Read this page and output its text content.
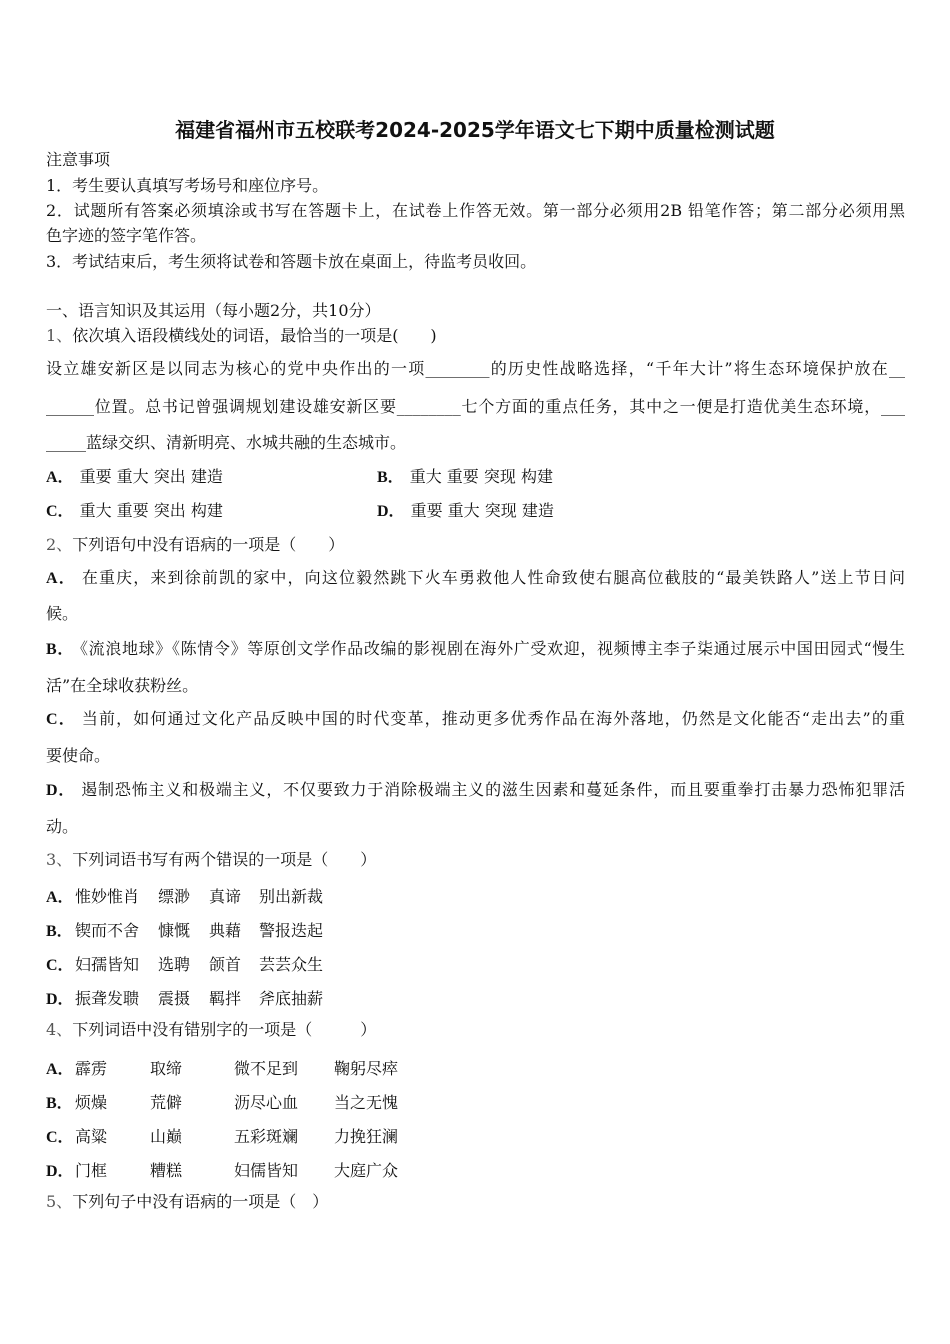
福建省福州市五校联考2024-2025学年语文七下期中质量检测试题
注意事项
1．考生要认真填写考场号和座位序号。
2．试题所有答案必须填涂或书写在答题卡上，在试卷上作答无效。第一部分必须用2B 铅笔作答；第二部分必须用黑
色字迹的签字笔作答。
3．考试结束后，考生须将试卷和答题卡放在桌面上，待监考员收回。
一、语言知识及其运用（每小题2分，共10分）
1、依次填入语段横线处的词语，最恰当的一项是(　　)
设立雄安新区是以同志为核心的党中央作出的一项________的历史性战略选择，“千年大计”将生态环境保护放在__
______位置。总书记曾强调规划建设雄安新区要________七个方面的重点任务，其中之一便是打造优美生态环境，___
_____蓝绿交织、清新明亮、水城共融的生态城市。
A． 重要 重大 突出 建造	B． 重大 重要 突现 构建
C． 重大 重要 突出 构建	D． 重要 重大 突现 建造
2、下列语句中没有语病的一项是（　　）
A． 在重庆，来到徐前凯的家中，向这位毅然跳下火车勇救他人性命致使右腿高位截肢的“最美铁路人”送上节日问
候。
B． 《流浪地球》《陈情令》等原创文学作品改编的影视剧在海外广受欢迎，视频博主李子柒通过展示中国田园式“慢生
活”在全球收获粉丝。
C． 当前，如何通过文化产品反映中国的时代变革，推动更多优秀作品在海外落地，仍然是文化能否“走出去”的重
要使命。
D． 遏制恐怖主义和极端主义，不仅要致力于消除极端主义的滋生因素和蔓延条件，而且要重拳打击暴力恐怖犯罪活
动。
3、下列词语书写有两个错误的一项是（　　）
A． 惟妙惟肖 缥渺 真谛 别出新裁
B． 锲而不舍 慷慨 典藉 警报迭起
C． 妇孺皆知 选聘 颌首 芸芸众生
D． 振聋发聩 震摄 羁拌 斧底抽薪
4、下列词语中没有错别字的一项是（　　　）
A． 霹雳	取缔	微不足到 鞠躬尽瘁
B． 烦燥	荒僻	沥尽心血 当之无愧
C． 高粱	山巅	五彩斑斓 力挽狂澜
D． 门框	糟糕	妇儒皆知 大庭广众
5、下列句子中没有语病的一项是（　）
